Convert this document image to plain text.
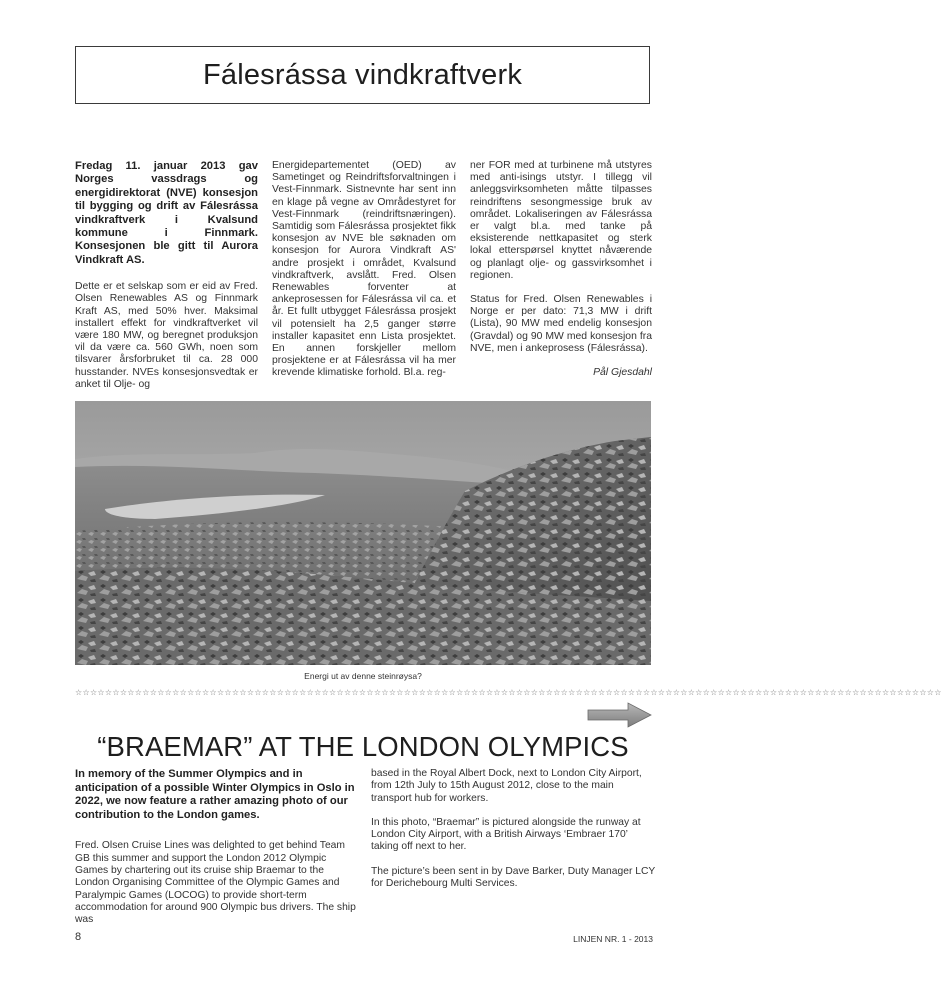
Fálesrássa vindkraftverk

Fredag 11. januar 2013 gav Norges vassdrags og energidirektorat (NVE) konsesjon til bygging og drift av Fálesrássa vindkraftverk i Kvalsund kommune i Finnmark. Konsesjonen ble gitt til Aurora Vindkraft AS.

Dette er et selskap som er eid av Fred. Olsen Renewables AS og Finnmark Kraft AS, med 50% hver. Maksimal installert effekt for vindkraftverket vil være 180 MW, og beregnet produksjon vil da være ca. 560 GWh, noen som tilsvarer årsforbruket til ca. 28 000 husstander. NVEs konsesjonsvedtak er anket til Olje- og

Energidepartementet (OED) av Sametinget og Reindriftsforvaltningen i Vest-Finnmark. Sistnevnte har sent inn en klage på vegne av Områdestyret for Vest-Finnmark (reindriftsnæringen). Samtidig som Fálesrássa prosjektet fikk konsesjon av NVE ble søknaden om konsesjon for Aurora Vindkraft AS' andre prosjekt i området, Kvalsund vindkraftverk, avslått. Fred. Olsen Renewables forventer at ankeprosessen for Fálesrássa vil ca. et år. Et fullt utbygget Fálesrássa prosjekt vil potensielt ha 2,5 ganger større installer kapasitet enn Lista prosjektet. En annen forskjeller mellom prosjektene er at Fálesrássa vil ha mer krevende klimatiske forhold. Bl.a. reg-

ner FOR med at turbinene må utstyres med anti-isings utstyr. I tillegg vil anleggsvirksomheten måtte tilpasses reindriftens sesongmessige bruk av området. Lokaliseringen av Fálesrássa er valgt bl.a. med tanke på eksisterende nettkapasitet og sterk lokal etterspørsel knyttet nåværende og planlagt olje- og gassvirksomhet i regionen.

Status for Fred. Olsen Renewables i Norge er per dato: 71,3 MW i drift (Lista), 90 MW med endelig konsesjon (Gravdal) og 90 MW med konsesjon fra NVE, men i ankeprosess (Fálesrássa).

Pål Gjesdahl

Energi ut av denne steinrøysa?
☆☆☆☆☆☆☆☆☆☆☆☆☆☆☆☆☆☆☆☆☆☆☆☆☆☆☆☆☆☆☆☆☆☆☆☆☆☆☆☆☆☆☆☆☆☆☆☆☆☆☆☆☆☆☆☆☆☆☆☆☆☆☆☆☆☆☆☆☆☆☆☆☆☆☆☆☆☆☆☆☆☆☆☆☆☆☆☆☆☆☆☆☆☆☆☆☆☆☆☆☆☆☆☆☆☆☆☆☆☆☆☆☆☆☆☆
“BRAEMAR” AT THE LONDON OLYMPICS

In memory of the Summer Olympics and in anticipation of a possible Winter Olympics in Oslo in 2022, we now feature a rather amazing photo of our contribution to the London games.

Fred. Olsen Cruise Lines was delighted to get behind Team GB this summer and support the London 2012 Olympic Games by chartering out its cruise ship Braemar to the London Organising Committee of the Olympic Games and Paralympic Games (LOCOG) to provide short-term accommodation for around 900 Olympic bus drivers. The ship was

based in the Royal Albert Dock, next to London City Airport, from 12th July to 15th August 2012, close to the main transport hub for workers.

In this photo, “Braemar” is pictured alongside the runway at London City Airport, with a British Airways ‘Embraer 170’ taking off next to her.

The picture’s been sent in by Dave Barker, Duty Manager LCY for Derichebourg Multi Services.

8	LINJEN NR. 1 - 2013
